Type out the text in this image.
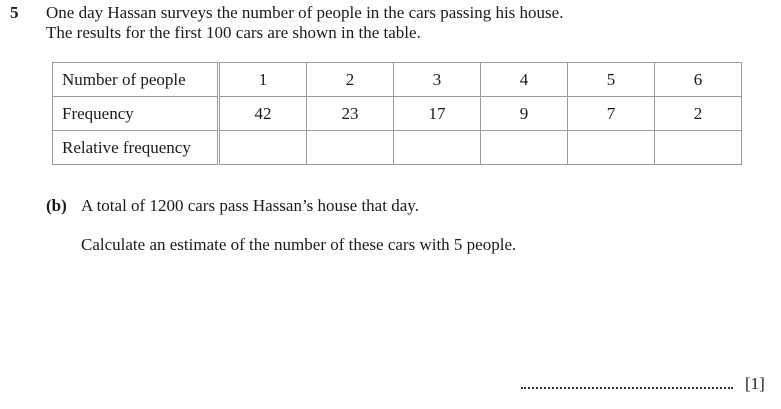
5 One day Hassan surveys the number of people in the cars passing his house.
The results for the first 100 cars are shown in the table.
Number of people	1	2	3	4	5	6
Frequency	42	23	17	9	7	2
Relative frequency						
(b) A total of 1200 cars pass Hassan’s house that day.
Calculate an estimate of the number of these cars with 5 people.
[1]
